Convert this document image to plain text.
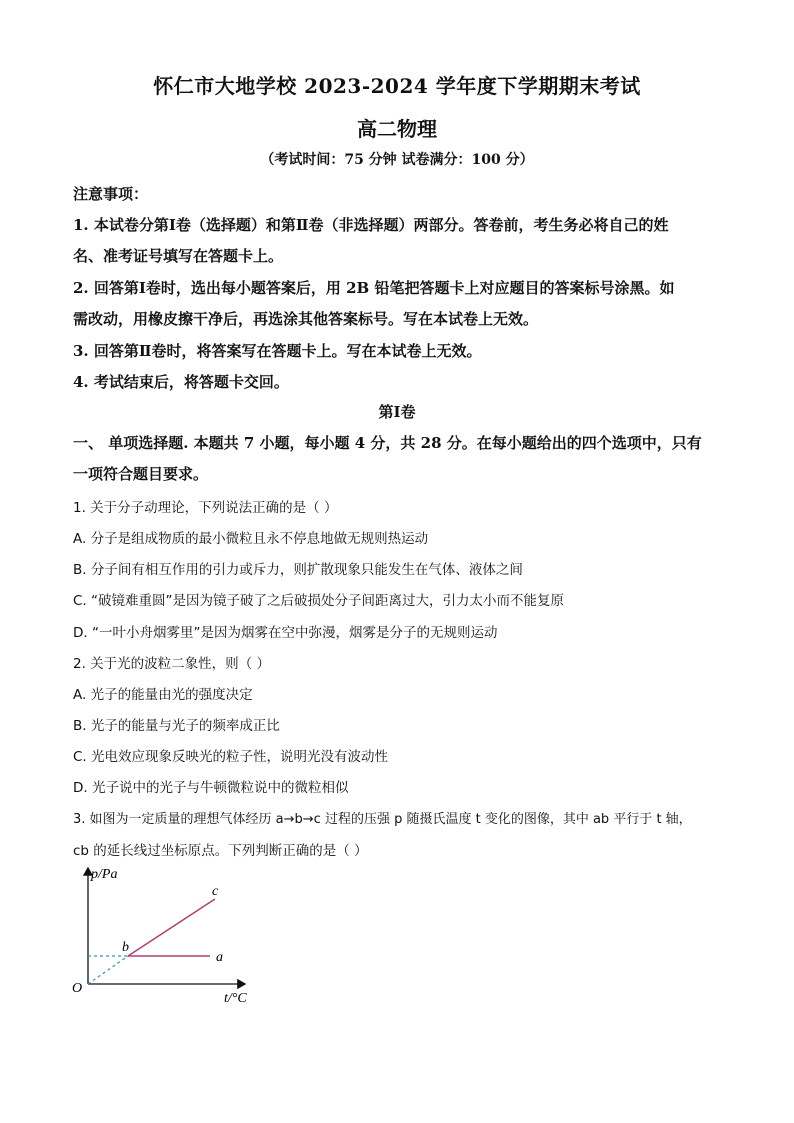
怀仁市大地学校 2023-2024 学年度下学期期末考试
高二物理
（考试时间：75 分钟 试卷满分：100 分）
注意事项：
1. 本试卷分第Ⅰ卷（选择题）和第Ⅱ卷（非选择题）两部分。答卷前，考生务必将自己的姓
名、准考证号填写在答题卡上。
2. 回答第Ⅰ卷时，选出每小题答案后，用 2B 铅笔把答题卡上对应题目的答案标号涂黑。如
需改动，用橡皮擦干净后，再选涂其他答案标号。写在本试卷上无效。
3. 回答第Ⅱ卷时，将答案写在答题卡上。写在本试卷上无效。
4. 考试结束后，将答题卡交回。
第Ⅰ卷
一、 单项选择题. 本题共 7 小题，每小题 4 分，共 28 分。在每小题给出的四个选项中，只有
一项符合题目要求。
1. 关于分子动理论，下列说法正确的是（ ）
A. 分子是组成物质的最小微粒且永不停息地做无规则热运动
B. 分子间有相互作用的引力或斥力，则扩散现象只能发生在气体、液体之间
C. “破镜难重圆”是因为镜子破了之后破损处分子间距离过大，引力太小而不能复原
D. “一叶小舟烟雾里”是因为烟雾在空中弥漫，烟雾是分子的无规则运动
2. 关于光的波粒二象性，则（ ）
A. 光子的能量由光的强度决定
B. 光子的能量与光子的频率成正比
C. 光电效应现象反映光的粒子性，说明光没有波动性
D. 光子说中的光子与牛顿微粒说中的微粒相似
3. 如图为一定质量的理想气体经历 a→b→c 过程的压强 p 随摄氏温度 t 变化的图像，其中 ab 平行于 t 轴，
cb 的延长线过坐标原点。下列判断正确的是（ ）
p/Pa
t/°C
O
a
b
c
